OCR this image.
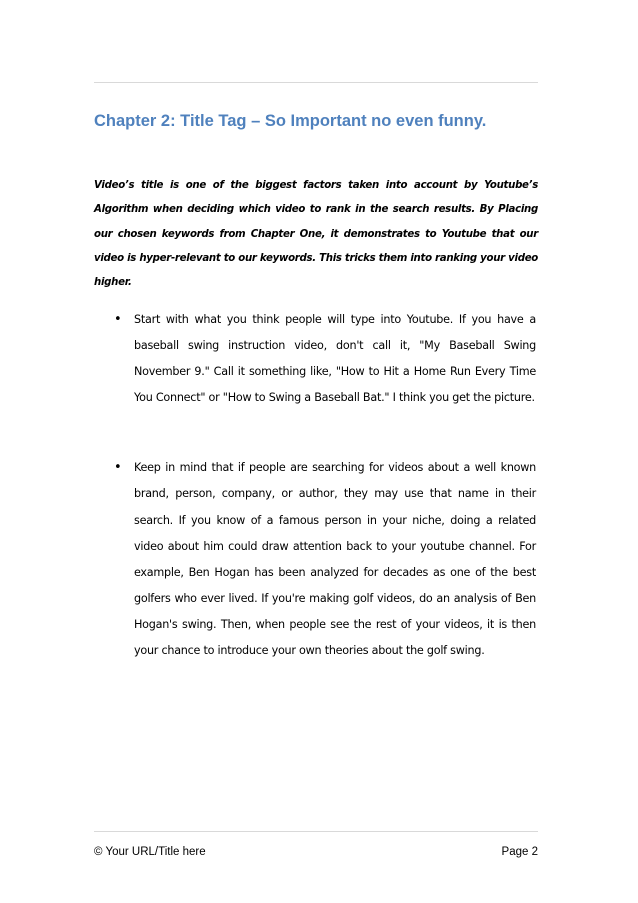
Chapter 2: Title Tag – So Important no even funny.

Video’s title is one of the biggest factors taken into account by Youtube’s Algorithm when deciding which video to rank in the search results. By Placing our chosen keywords from Chapter One, it demonstrates to Youtube that our video is hyper-relevant to our keywords. This tricks them into ranking your video higher.

• Start with what you think people will type into Youtube. If you have a baseball swing instruction video, don't call it, "My Baseball Swing November 9." Call it something like, "How to Hit a Home Run Every Time You Connect" or "How to Swing a Baseball Bat." I think you get the picture.
• Keep in mind that if people are searching for videos about a well known brand, person, company, or author, they may use that name in their search. If you know of a famous person in your niche, doing a related video about him could draw attention back to your youtube channel. For example, Ben Hogan has been analyzed for decades as one of the best golfers who ever lived. If you're making golf videos, do an analysis of Ben Hogan's swing. Then, when people see the rest of your videos, it is then your chance to introduce your own theories about the golf swing.
© Your URL/Title here	Page 2
